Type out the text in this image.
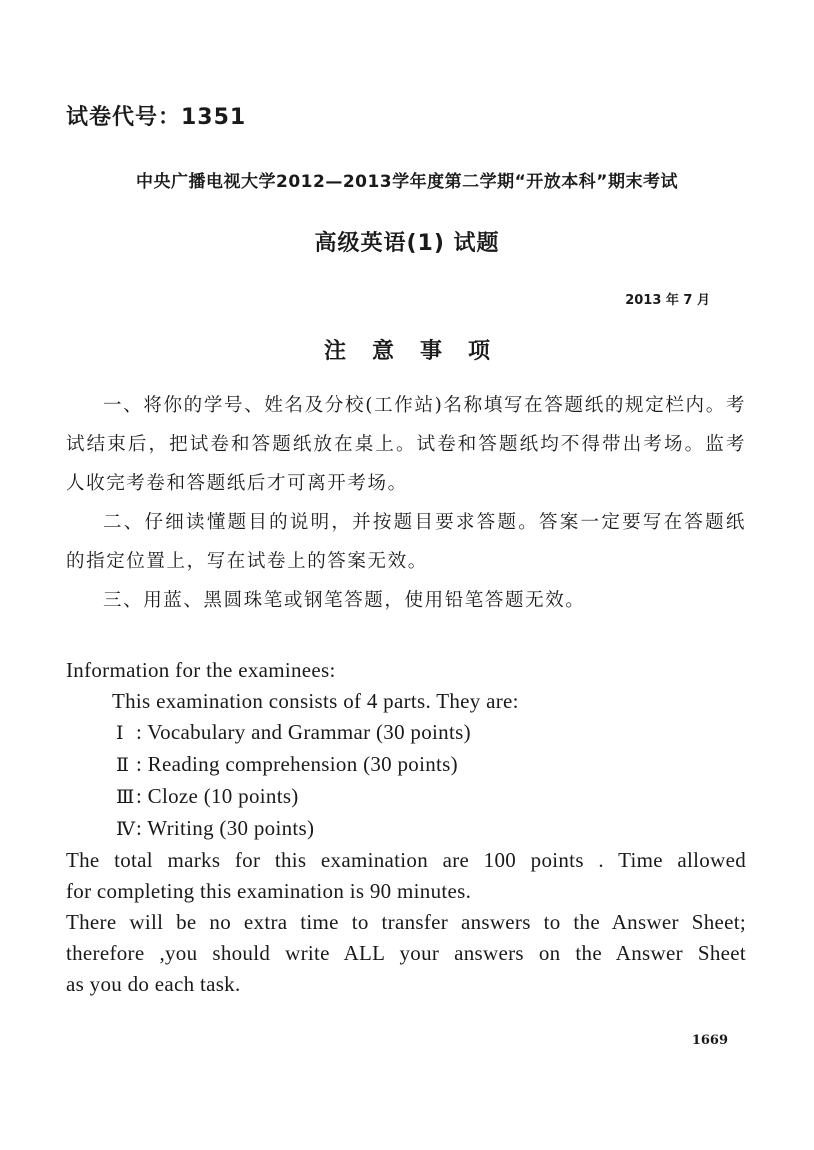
试卷代号：1351
中央广播电视大学2012—2013学年度第二学期“开放本科”期末考试
高级英语(1) 试题
2013 年 7 月
注意事项

一、将你的学号、姓名及分校(工作站)名称填写在答题纸的规定栏内。考试结束后，把试卷和答题纸放在桌上。试卷和答题纸均不得带出考场。监考人收完考卷和答题纸后才可离开考场。

二、仔细读懂题目的说明，并按题目要求答题。答案一定要写在答题纸的指定位置上，写在试卷上的答案无效。

三、用蓝、黑圆珠笔或钢笔答题，使用铅笔答题无效。

Information for the examinees:

This examination consists of 4 parts. They are:

Ⅰ : Vocabulary and Grammar (30 points)

Ⅱ : Reading comprehension (30 points)

Ⅲ: Cloze (10 points)

Ⅳ: Writing (30 points)

The total marks for this examination are 100 points . Time allowed

for completing this examination is 90 minutes.

There will be no extra time to transfer answers to the Answer Sheet;

therefore ,you should write ALL your answers on the Answer Sheet

as you do each task.

1669
